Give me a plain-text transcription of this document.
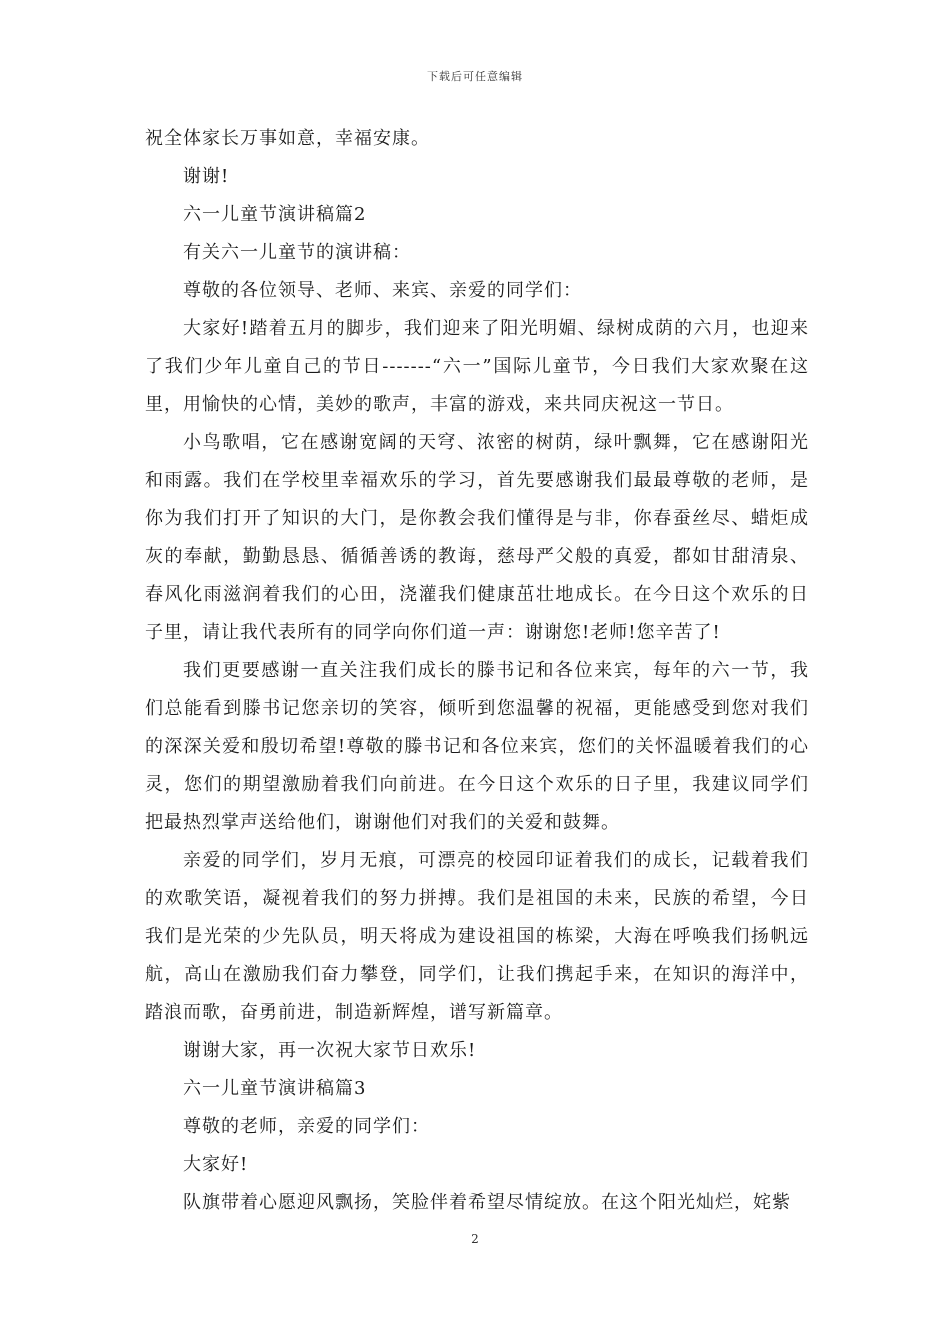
下载后可任意编辑

祝全体家长万事如意，幸福安康。

谢谢!

六一儿童节演讲稿篇2

有关六一儿童节的演讲稿：

尊敬的各位领导、老师、来宾、亲爱的同学们：

大家好!踏着五月的脚步，我们迎来了阳光明媚、绿树成荫的六月，也迎来了我们少年儿童自己的节日-------“六一”国际儿童节，今日我们大家欢聚在这里，用愉快的心情，美妙的歌声，丰富的游戏，来共同庆祝这一节日。

小鸟歌唱，它在感谢宽阔的天穹、浓密的树荫，绿叶飘舞，它在感谢阳光和雨露。我们在学校里幸福欢乐的学习，首先要感谢我们最最尊敬的老师，是你为我们打开了知识的大门，是你教会我们懂得是与非，你春蚕丝尽、蜡炬成灰的奉献，勤勤恳恳、循循善诱的教诲，慈母严父般的真爱，都如甘甜清泉、春风化雨滋润着我们的心田，浇灌我们健康茁壮地成长。在今日这个欢乐的日子里，请让我代表所有的同学向你们道一声：谢谢您!老师!您辛苦了!

我们更要感谢一直关注我们成长的滕书记和各位来宾，每年的六一节，我们总能看到滕书记您亲切的笑容，倾听到您温馨的祝福，更能感受到您对我们的深深关爱和殷切希望!尊敬的滕书记和各位来宾，您们的关怀温暖着我们的心灵，您们的期望激励着我们向前进。在今日这个欢乐的日子里，我建议同学们把最热烈掌声送给他们，谢谢他们对我们的关爱和鼓舞。

亲爱的同学们，岁月无痕，可漂亮的校园印证着我们的成长，记载着我们的欢歌笑语，凝视着我们的努力拼搏。我们是祖国的未来，民族的希望，今日我们是光荣的少先队员，明天将成为建设祖国的栋梁，大海在呼唤我们扬帆远航，高山在激励我们奋力攀登，同学们，让我们携起手来，在知识的海洋中，踏浪而歌，奋勇前进，制造新辉煌，谱写新篇章。

谢谢大家，再一次祝大家节日欢乐!

六一儿童节演讲稿篇3

尊敬的老师，亲爱的同学们：

大家好!

队旗带着心愿迎风飘扬，笑脸伴着希望尽情绽放。在这个阳光灿烂，姹紫

2
